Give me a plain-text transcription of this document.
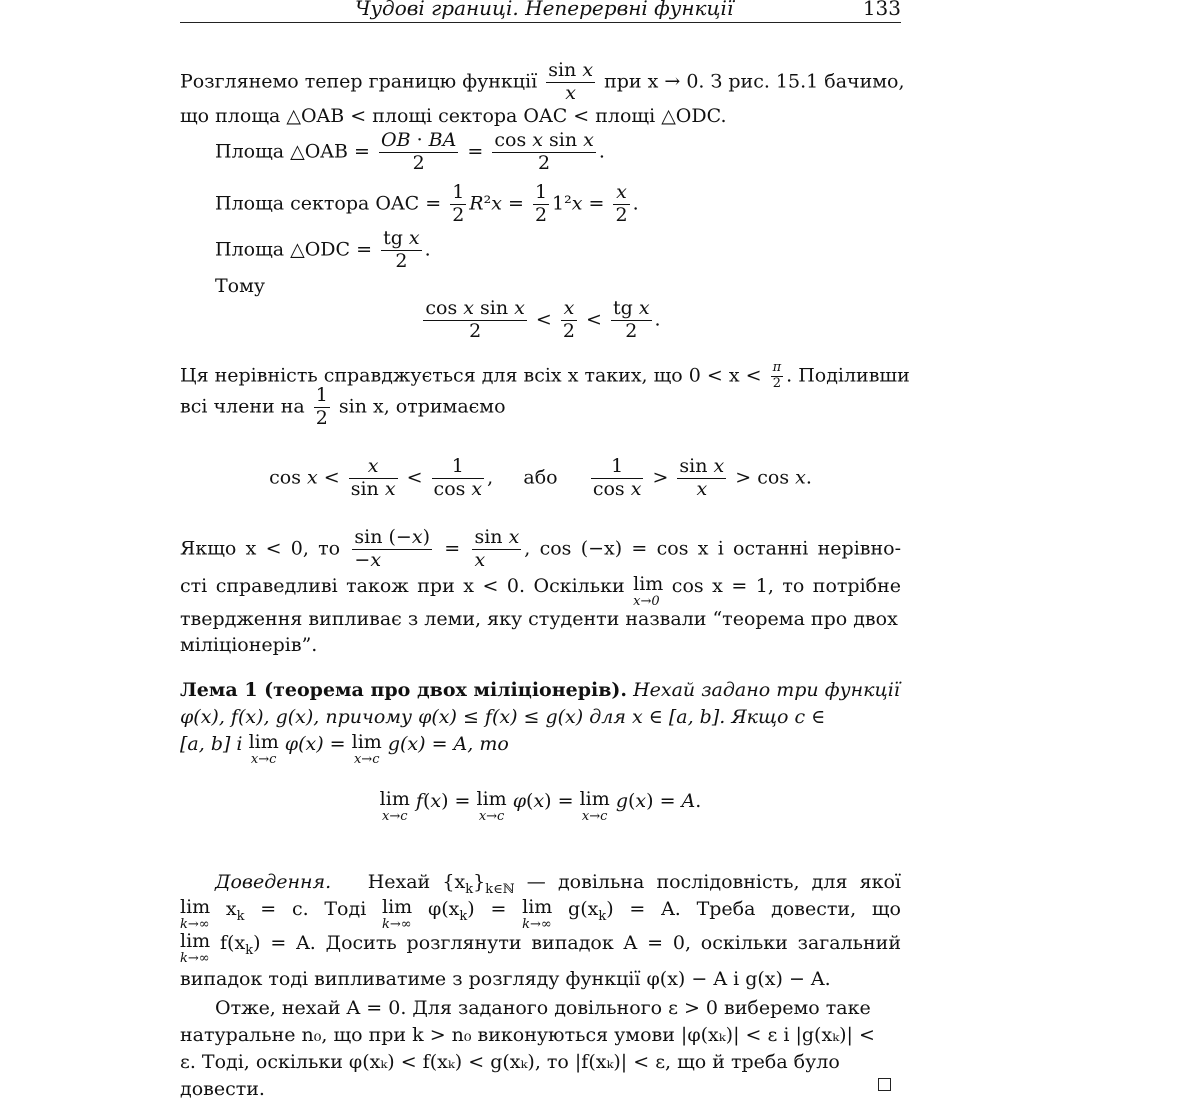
Чудові границі. Неперервні функції	133
Розглянемо тепер границю функції $\frac{\text{sin x}}{x}$ при x → 0. З рис. 15.1 бачимо,
що площа △OAB < площі сектора OAC < площі △ODC.
Площа △OAB = $\frac{OB \cdot BA}{2} = \frac{\text{cos x sin x}}{2}$ .
Площа сектора OAC = $\frac{1}{2} R^2x = \frac{1}{2} 1^2x = \frac{x}{2}$ .
Площа △ODC = $\frac{\text{tg x}}{2}$ .
Тому
$\frac{\text{cos x sin x}}{2} < \frac{x}{2} < \frac{\text{tg x}}{2}$ .
Ця нерівність справджується для всіх x таких, що $0 < x < \frac{\pi}{2}$ . Поділивши
всі члени на $\frac{1}{2}$ sin x, отримаємо
$\cos x < \frac{x}{\text{sin x}} < \frac{1}{\text{cos x}}$ ,     або $\frac{1}{\text{cos x}} > \frac{\text{sin x}}{x} > \cos x$.
Якщо x < 0, то $\frac{\sin (-x)}{-x} = \frac{\text{sin x}}{x}$ , cos (−x) = cos x і останні нерівно-
сті справедливі також при x < 0. Оскільки lim
x→0
cos x = 1, то потрібне
твердження випливає з леми, яку студенти назвали “теорема про двох
міліціонерів”.
Лема 1 (теорема про двох міліціонерів). Нехай задано три функції
φ(x), f(x), g(x), причому φ(x) ≤ f(x) ≤ g(x) для x ∈ [a, b]. Якщо c ∈
[a, b] і lim
x→c
φ(x) = lim
x→c
g(x) = A, то
lim
x→c
f(x) = lim
x→c
φ(x) = lim
x→c
g(x) = A.
Доведення. Нехай $\{x_k\}_{k\in ℕ}$ — довільна послідовність, для якої
lim
k→∞
$x_k = c$. Тоді lim
k→∞
$\varphi(x_k) = \lim$
k→∞
$g(x_k) = A$. Треба довести, що
lim
k→∞
$f(x_k) = A$. Досить розглянути випадок A = 0, оскільки загальний
випадок тоді випливатиме з розгляду функції φ(x) − A і g(x) − A.
Отже, нехай A = 0. Для заданого довільного ε > 0 виберемо таке
натуральне n₀, що при k > n₀ виконуються умови |φ(xₖ)| < ε і |g(xₖ)| <
ε. Тоді, оскільки φ(xₖ) < f(xₖ) < g(xₖ), то |f(xₖ)| < ε, що й треба було
довести.
